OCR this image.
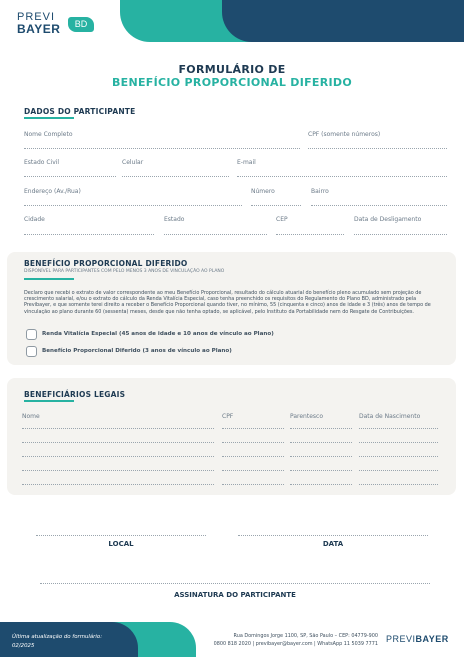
PREVI
BAYER	BD
FORMULÁRIO DE
BENEFÍCIO PROPORCIONAL DIFERIDO
DADOS DO PARTICIPANTE
Nome Completo	CPF (somente números)
Estado Civil	Celular	E-mail
Endereço (Av./Rua)	Número	Bairro
Cidade	Estado	CEP	Data de Desligamento
BENEFÍCIO PROPORCIONAL DIFERIDO
DISPONÍVEL PARA PARTICIPANTES COM PELO MENOS 3 ANOS DE VINCULAÇÃO AO PLANO
Declaro que recebi o extrato de valor correspondente ao meu Benefício Proporcional, resultado do cálculo atuarial do benefício pleno acumulado sem projeção de crescimento salarial, e/ou o extrato do cálculo da Renda Vitalícia Especial, caso tenha preenchido os requisitos do Regulamento do Plano BD, administrado pela Previbayer, e que somente terei direito a receber o Benefício Proporcional quando tiver, no mínimo, 55 (cinquenta e cinco) anos de idade e 3 (três) anos de tempo de vinculação ao plano durante 60 (sessenta) meses, desde que não tenha optado, se aplicável, pelo Instituto da Portabilidade nem do Resgate de Contribuições.
Renda Vitalícia Especial (45 anos de idade e 10 anos de vínculo ao Plano)
Benefício Proporcional Diferido (3 anos de vínculo ao Plano)
BENEFICIÁRIOS LEGAIS
Nome	CPF	Parentesco	Data de Nascimento
LOCAL	DATA
ASSINATURA DO PARTICIPANTE
Última atualização do formulário:
02/2025
Rua Domingos Jorge 1100, SP, São Paulo – CEP: 04779-900
0800 818 2020 | previbayer@bayer.com | WhatsApp 11 5039 7771 PREVIBAYER
